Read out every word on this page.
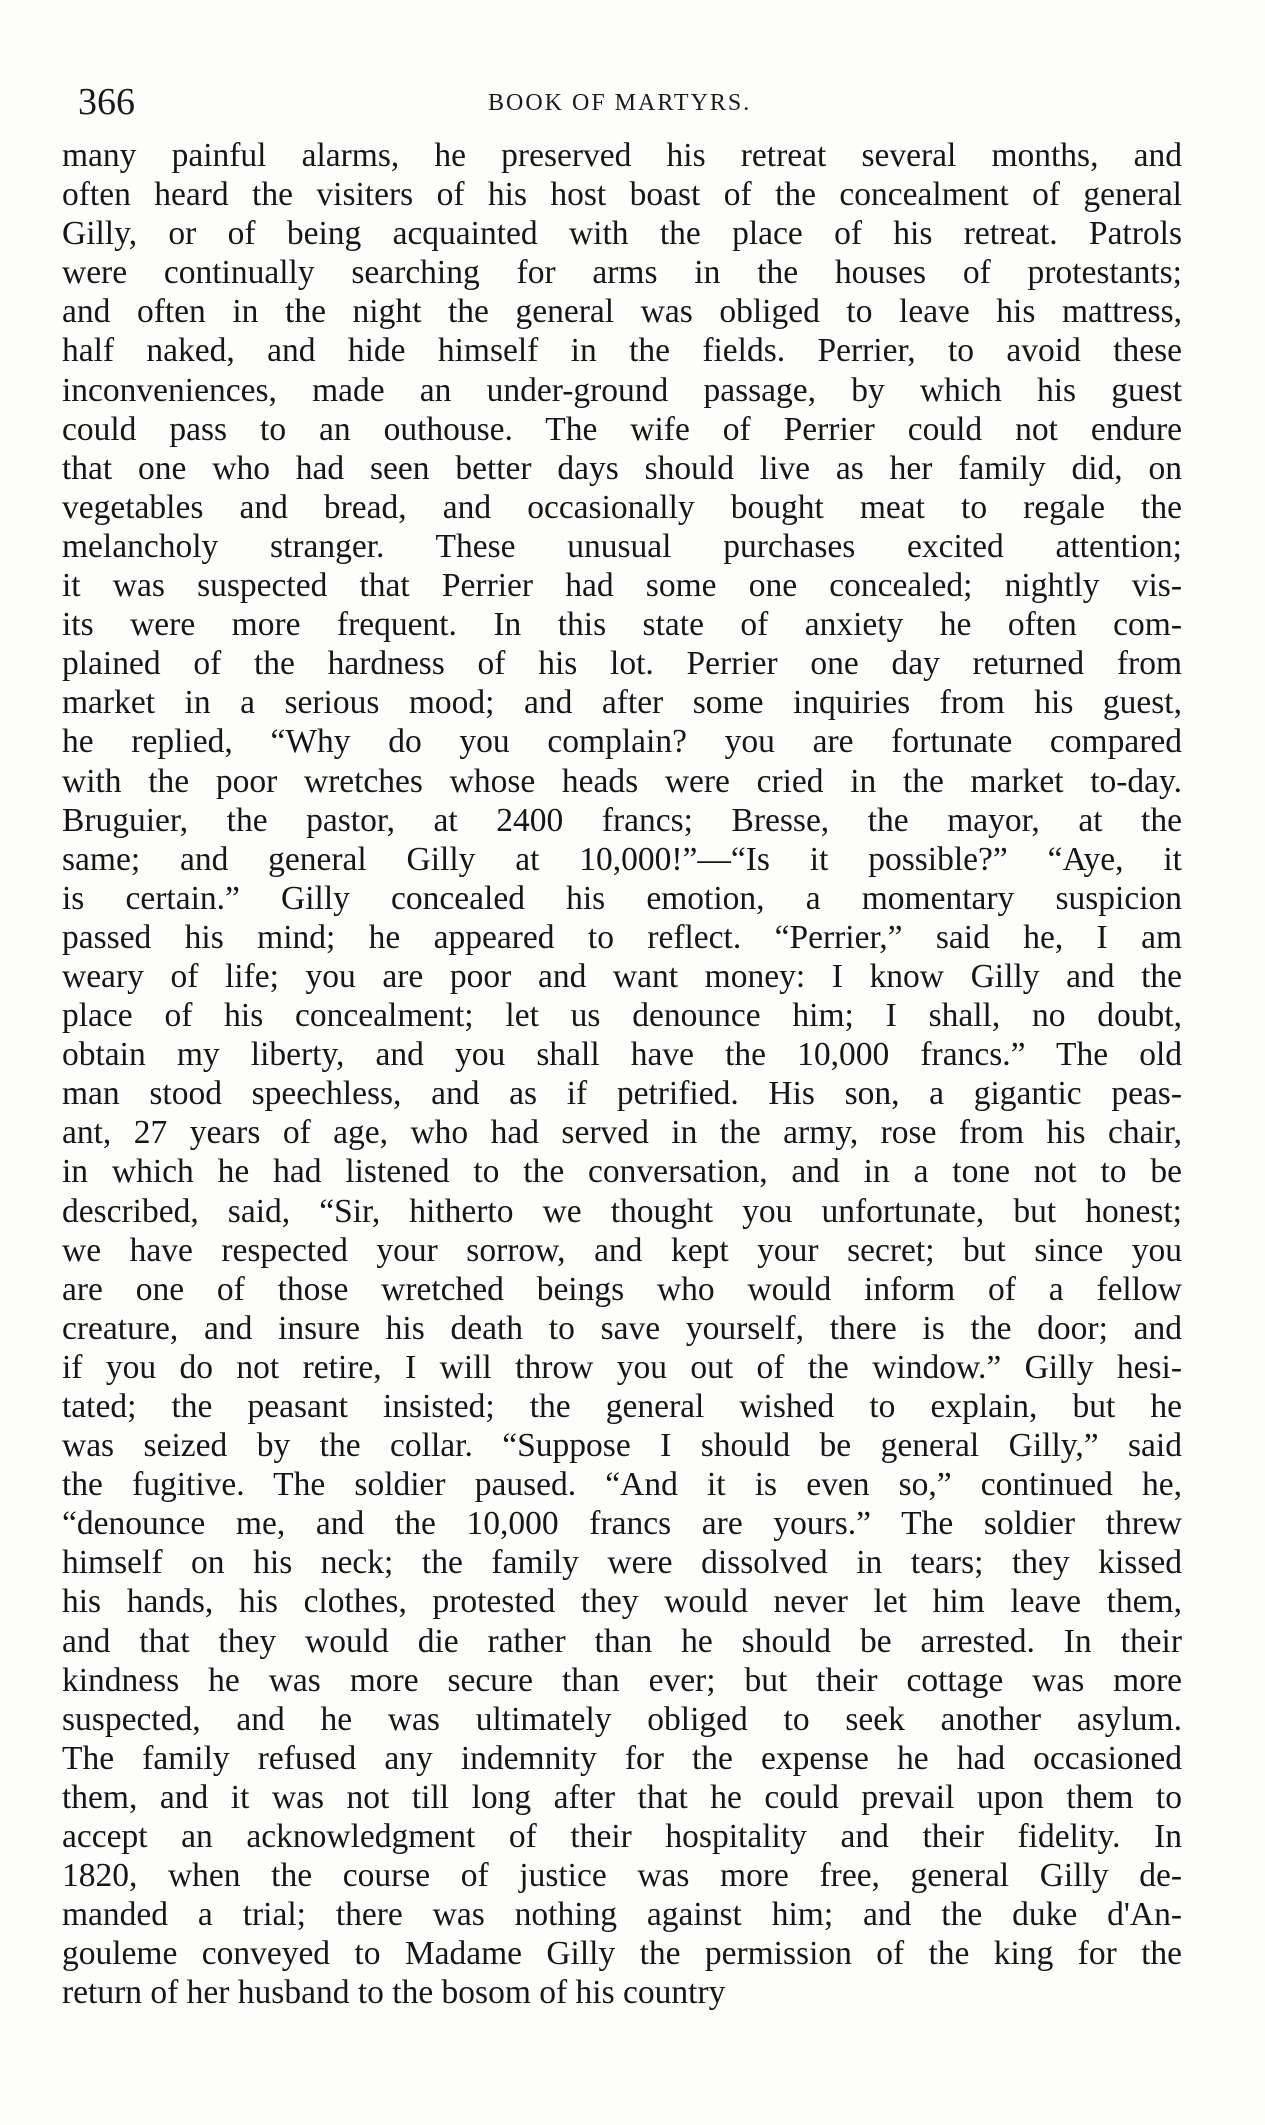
366	BOOK OF MARTYRS.
many painful alarms, he preserved his retreat several months, and
often heard the visiters of his host boast of the concealment of general
Gilly, or of being acquainted with the place of his retreat. Patrols
were continually searching for arms in the houses of protestants;
and often in the night the general was obliged to leave his mattress,
half naked, and hide himself in the fields. Perrier, to avoid these
inconveniences, made an under-ground passage, by which his guest
could pass to an outhouse. The wife of Perrier could not endure
that one who had seen better days should live as her family did, on
vegetables and bread, and occasionally bought meat to regale the
melancholy stranger. These unusual purchases excited attention;
it was suspected that Perrier had some one concealed; nightly vis-
its were more frequent. In this state of anxiety he often com-
plained of the hardness of his lot. Perrier one day returned from
market in a serious mood; and after some inquiries from his guest,
he replied, “Why do you complain? you are fortunate compared
with the poor wretches whose heads were cried in the market to-day.
Bruguier, the pastor, at 2400 francs; Bresse, the mayor, at the
same; and general Gilly at 10,000!”—“Is it possible?” “Aye, it
is certain.” Gilly concealed his emotion, a momentary suspicion
passed his mind; he appeared to reflect. “Perrier,” said he, I am
weary of life; you are poor and want money: I know Gilly and the
place of his concealment; let us denounce him; I shall, no doubt,
obtain my liberty, and you shall have the 10,000 francs.” The old
man stood speechless, and as if petrified. His son, a gigantic peas-
ant, 27 years of age, who had served in the army, rose from his chair,
in which he had listened to the conversation, and in a tone not to be
described, said, “Sir, hitherto we thought you unfortunate, but honest;
we have respected your sorrow, and kept your secret; but since you
are one of those wretched beings who would inform of a fellow
creature, and insure his death to save yourself, there is the door; and
if you do not retire, I will throw you out of the window.” Gilly hesi-
tated; the peasant insisted; the general wished to explain, but he
was seized by the collar. “Suppose I should be general Gilly,” said
the fugitive. The soldier paused. “And it is even so,” continued he,
“denounce me, and the 10,000 francs are yours.” The soldier threw
himself on his neck; the family were dissolved in tears; they kissed
his hands, his clothes, protested they would never let him leave them,
and that they would die rather than he should be arrested. In their
kindness he was more secure than ever; but their cottage was more
suspected, and he was ultimately obliged to seek another asylum.
The family refused any indemnity for the expense he had occasioned
them, and it was not till long after that he could prevail upon them to
accept an acknowledgment of their hospitality and their fidelity. In
1820, when the course of justice was more free, general Gilly de-
manded a trial; there was nothing against him; and the duke d'An-
gouleme conveyed to Madame Gilly the permission of the king for the
return of her husband to the bosom of his country
